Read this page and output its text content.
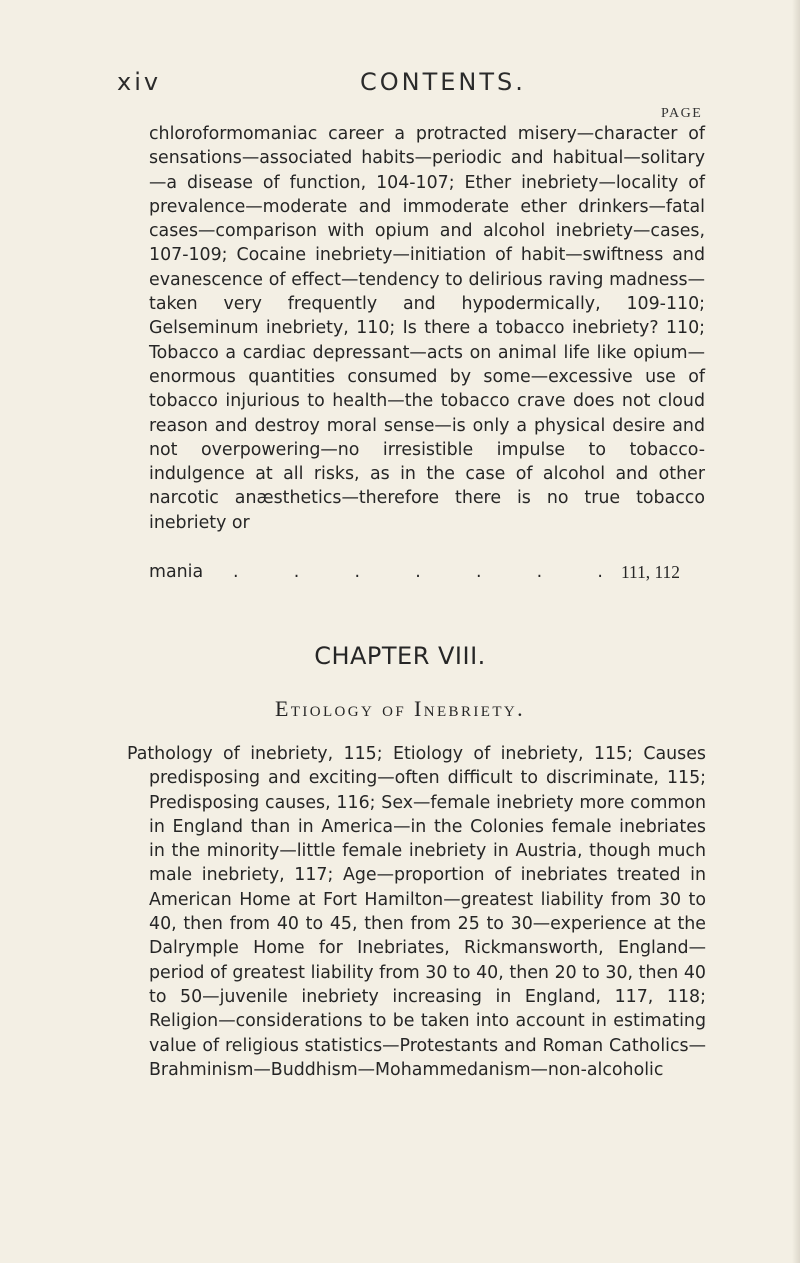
xiv	CONTENTS.
PAGE

chloroformomaniac career a protracted misery—character of sensations—associated habits—periodic and habitual—solitary—a disease of function, 104-107; Ether inebriety—locality of prevalence—moderate and immoderate ether drinkers—fatal cases—comparison with opium and alcohol inebriety—cases, 107-109; Cocaine inebriety—initiation of habit—swiftness and evanescence of effect—tendency to delirious raving madness—taken very frequently and hypodermically, 109-110; Gelseminum inebriety, 110; Is there a tobacco inebriety? 110; Tobacco a cardiac depressant—acts on animal life like opium—enormous quantities consumed by some—excessive use of tobacco injurious to health—the tobacco crave does not cloud reason and destroy moral sense—is only a physical desire and not overpowering—no irresistible impulse to tobacco-indulgence at all risks, as in the case of alcohol and other narcotic anæsthetics—therefore there is no true tobacco inebriety or

mania .	.	.	.	.	.	. 111, 112
CHAPTER VIII.
Etiology of Inebriety.

Pathology of inebriety, 115; Etiology of inebriety, 115; Causes predisposing and exciting—often difficult to discriminate, 115; Predisposing causes, 116; Sex—female inebriety more common in England than in America—in the Colonies female inebriates in the minority—little female inebriety in Austria, though much male inebriety, 117; Age—proportion of inebriates treated in American Home at Fort Hamilton—greatest liability from 30 to 40, then from 40 to 45, then from 25 to 30—experience at the Dalrymple Home for Inebriates, Rickmansworth, England—period of greatest liability from 30 to 40, then 20 to 30, then 40 to 50—juvenile inebriety increasing in England, 117, 118; Religion—considerations to be taken into account in estimating value of religious statistics—Protestants and Roman Catholics—Brahminism—Buddhism—Mohammedanism—non-alcoholic
